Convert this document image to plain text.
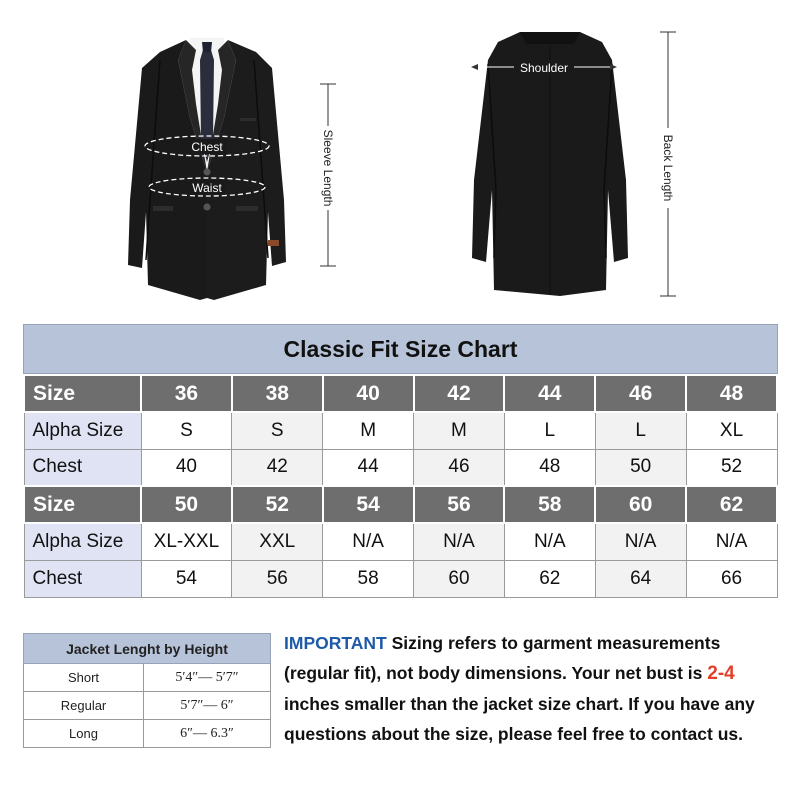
Chest
Waist	Sleeve Length
Shoulder
Back Length
Classic Fit Size Chart
Size	36	38	40	42	44	46	48
Alpha Size	S	S	M	M	L	L	XL
Chest	40	42	44	46	48	50	52
Size	50	52	54	56	58	60	62
Alpha Size	XL-XXL	XXL	N/A	N/A	N/A	N/A	N/A
Chest	54	56	58	60	62	64	66
Jacket Lenght by Height	
Short	5′4″— 5′7″
Regular	5′7″— 6″
Long	6″— 6.3″

IMPORTANT Sizing refers to garment measurements (regular fit), not body dimensions. Your net bust is 2-4 inches smaller than the jacket size chart. If you have any questions about the size, please feel free to contact us.
